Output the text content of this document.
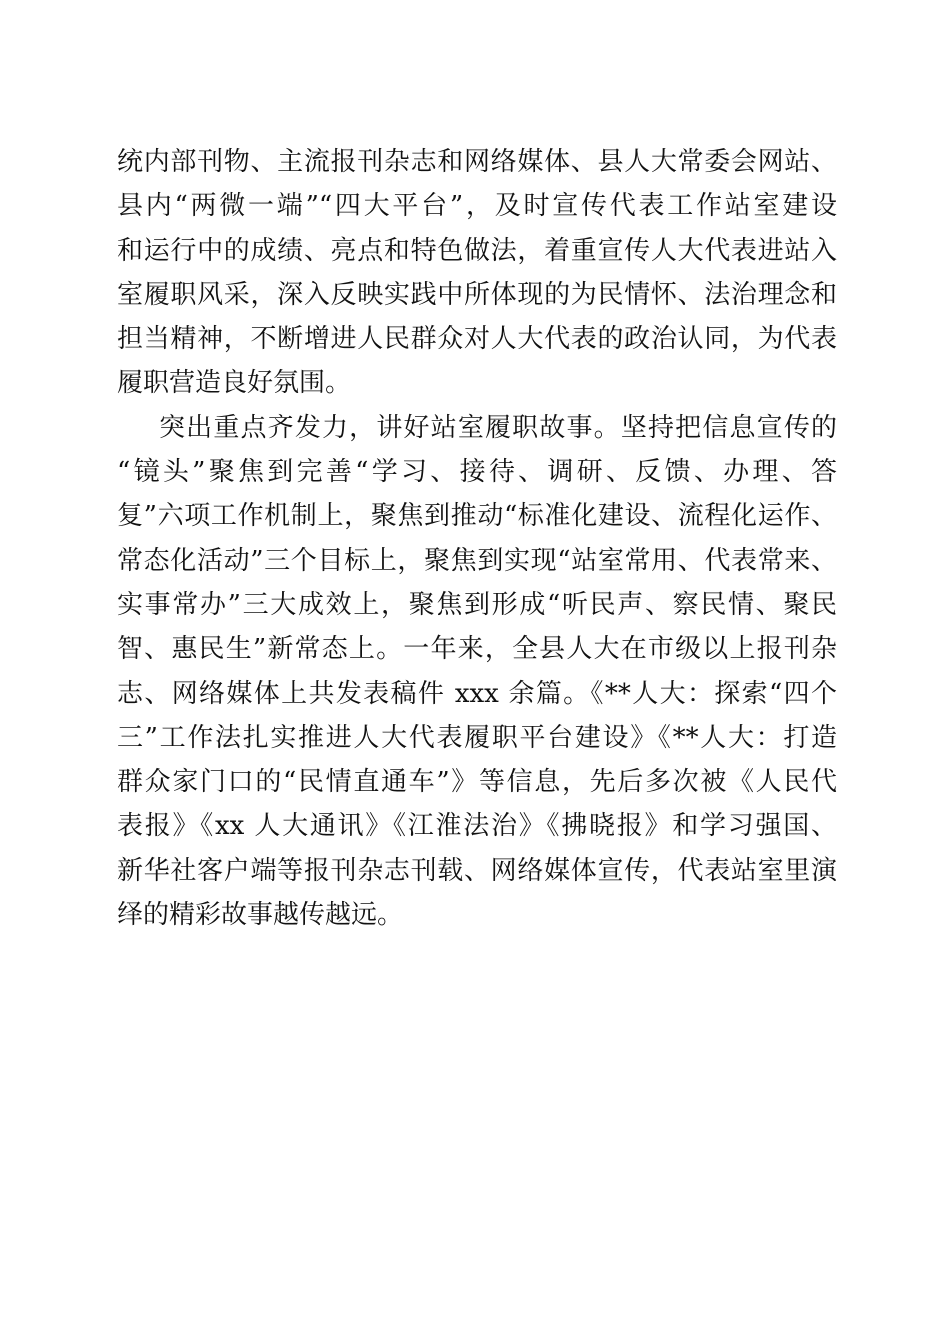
统内部刊物、主流报刊杂志和网络媒体、县人大常委会网站、
县内“两微一端”“四大平台”，及时宣传代表工作站室建设
和运行中的成绩、亮点和特色做法，着重宣传人大代表进站入
室履职风采，深入反映实践中所体现的为民情怀、法治理念和
担当精神，不断增进人民群众对人大代表的政治认同，为代表
履职营造良好氛围。
突出重点齐发力，讲好站室履职故事。坚持把信息宣传的
“镜头”聚焦到完善“学习、接待、调研、反馈、办理、答
复”六项工作机制上，聚焦到推动“标准化建设、流程化运作、
常态化活动”三个目标上，聚焦到实现“站室常用、代表常来、
实事常办”三大成效上，聚焦到形成“听民声、察民情、聚民
智、惠民生”新常态上。一年来，全县人大在市级以上报刊杂
志、网络媒体上共发表稿件 xxx 余篇。《**人大：探索“四个
三”工作法扎实推进人大代表履职平台建设》《**人大：打造
群众家门口的“民情直通车”》等信息，先后多次被《人民代
表报》《xx 人大通讯》《江淮法治》《拂晓报》和学习强国、
新华社客户端等报刊杂志刊载、网络媒体宣传，代表站室里演
绎的精彩故事越传越远。
